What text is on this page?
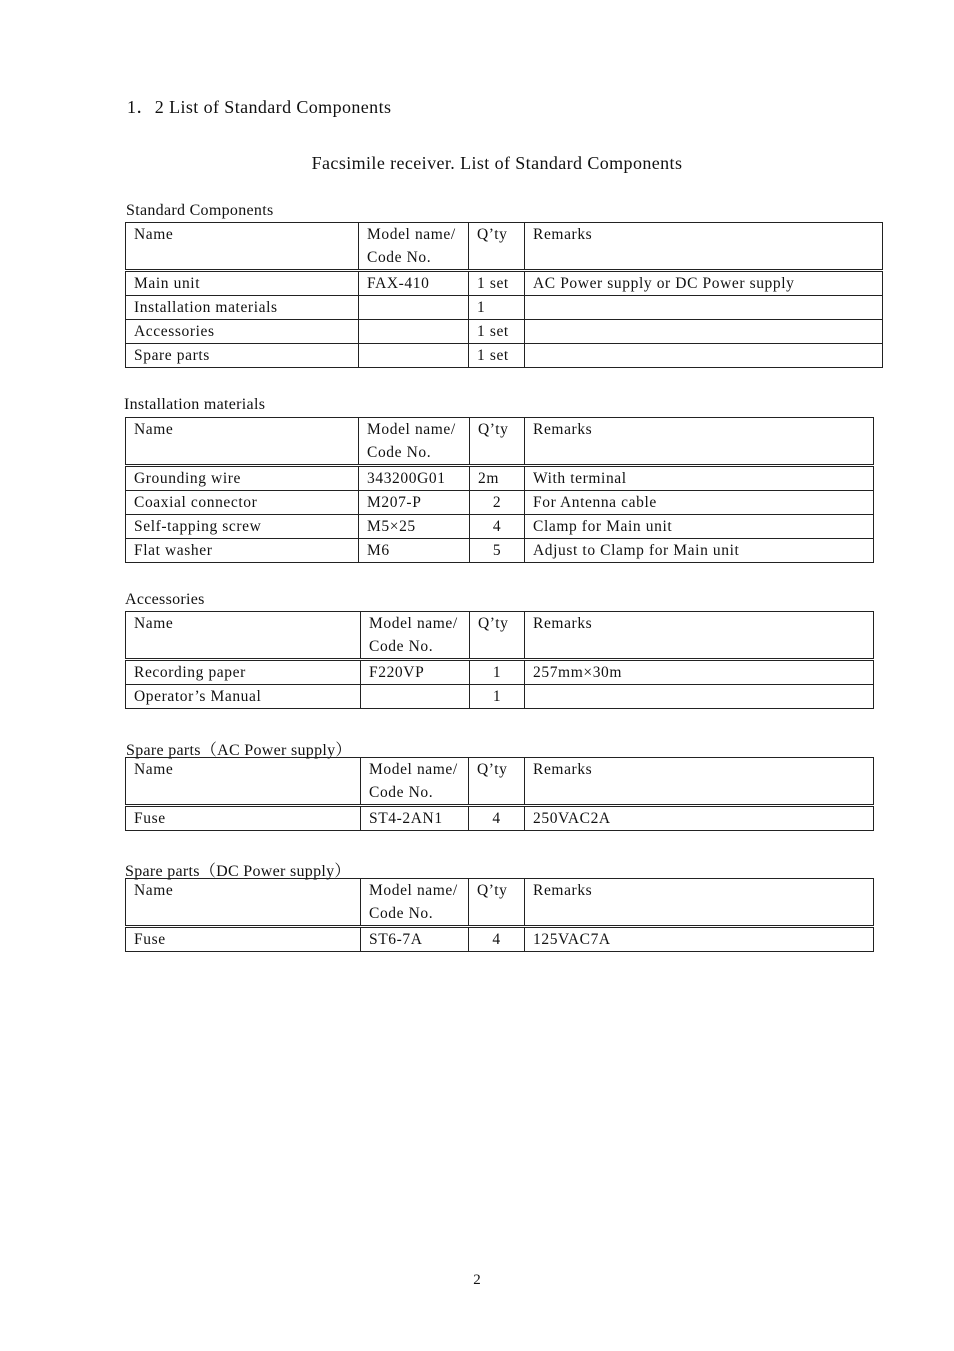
1．2 List of Standard Components
Facsimile receiver. List of Standard Components
Standard Components
Name	Model name/Code No.	Q’ty	Remarks
Main unit	FAX-410	1 set	AC Power supply or DC Power supply
Installation materials		1	
Accessories		1 set	
Spare parts		1 set	
Installation materials
Name	Model name/Code No.	Q’ty	Remarks
Grounding wire	343200G01	2m	With terminal
Coaxial connector	M207-P	2	For Antenna cable
Self-tapping screw	M5×25	4	Clamp for Main unit
Flat washer	M6	5	Adjust to Clamp for Main unit
Accessories
Name	Model name/Code No.	Q’ty	Remarks
Recording paper	F220VP	1	257mm×30m
Operator’s Manual		1	
Spare parts（AC Power supply）
Name	Model name/Code No.	Q’ty	Remarks
Fuse	ST4-2AN1	4	250VAC2A
Spare parts（DC Power supply）
Name	Model name/Code No.	Q’ty	Remarks
Fuse	ST6-7A	4	125VAC7A
2
